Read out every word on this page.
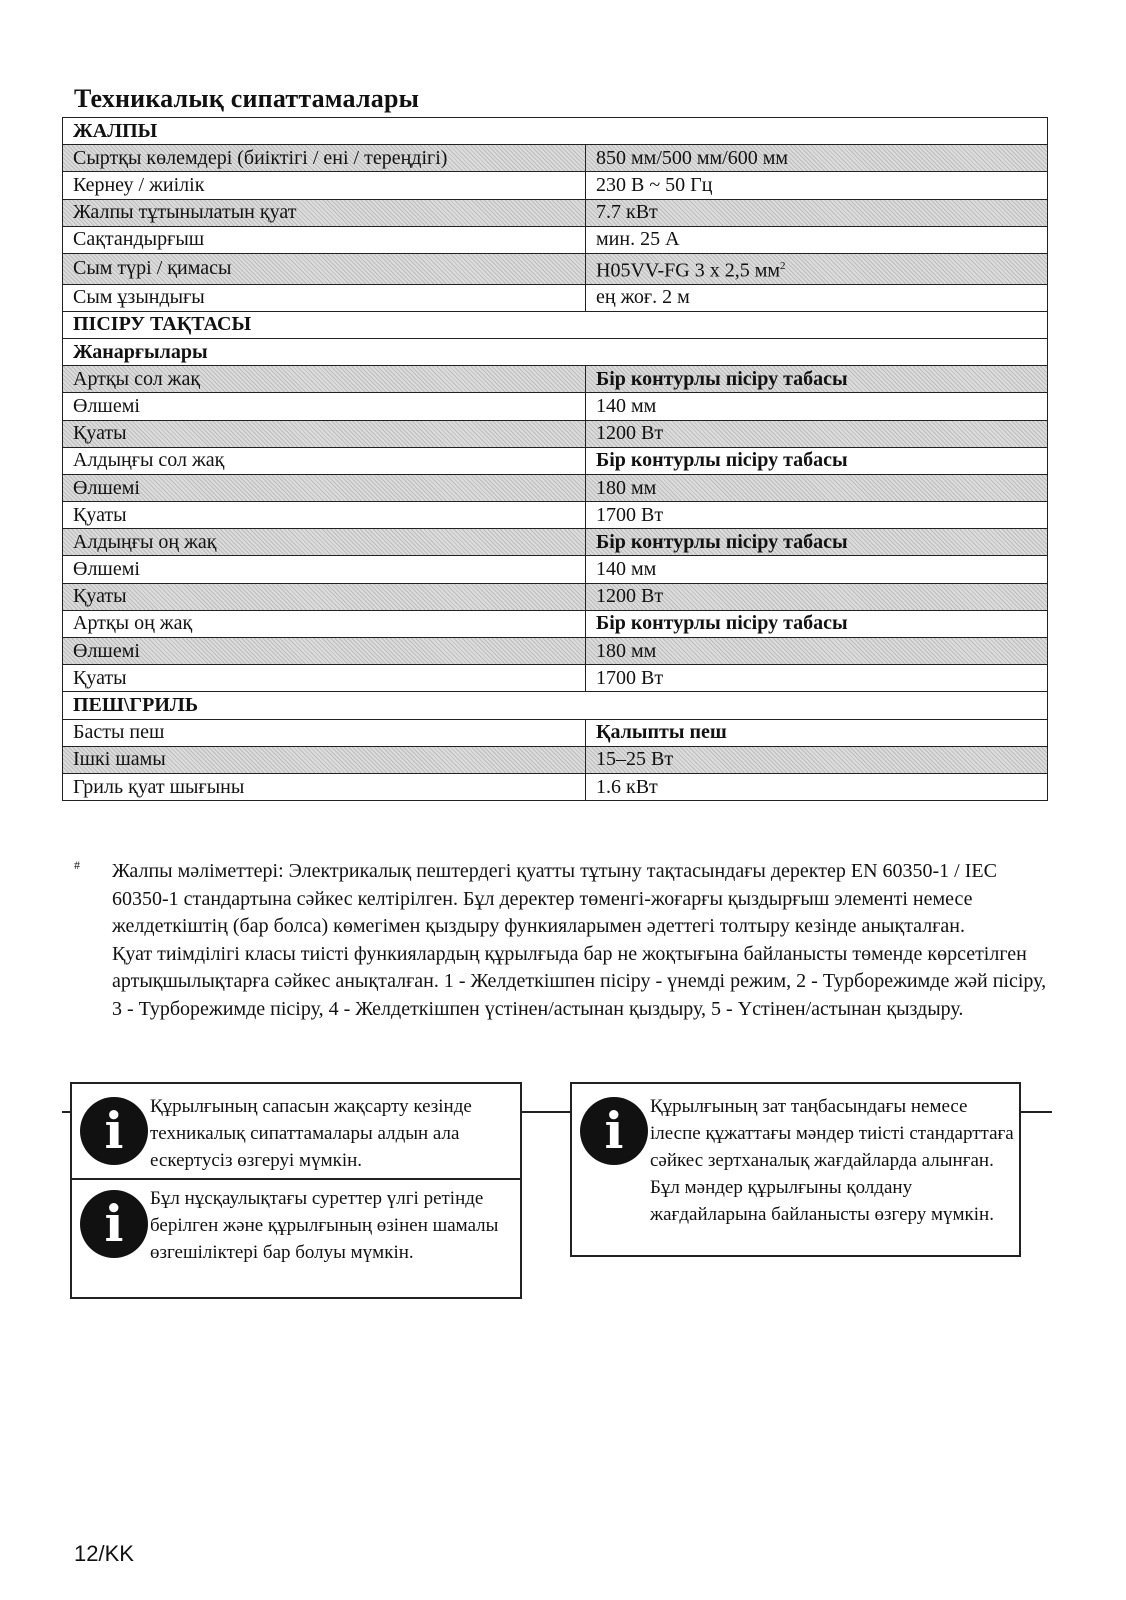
Техникалық сипаттамалары
ЖАЛПЫ	
Сыртқы көлемдері (биіктігі / ені / тереңдігі)	850 мм/500 мм/600 мм
Кернеу / жиілік	230 В ~ 50 Гц
Жалпы тұтынылатын қуат	7.7 кВт
Сақтандырғыш	мин. 25 А
Сым түрі / қимасы	H05VV-FG 3 x 2,5 $мм^2$
Сым ұзындығы	ең жоғ. 2 м
ПІСІРУ ТАҚТАСЫ	
Жанарғылары	
Артқы сол жақ	Бір контурлы пісіру табасы
Өлшемі	140 мм
Қуаты	1200 Вт
Алдыңғы сол жақ	Бір контурлы пісіру табасы
Өлшемі	180 мм
Қуаты	1700 Вт
Алдыңғы оң жақ	Бір контурлы пісіру табасы
Өлшемі	140 мм
Қуаты	1200 Вт
Артқы оң жақ	Бір контурлы пісіру табасы
Өлшемі	180 мм
Қуаты	1700 Вт
ПЕШ\ГРИЛЬ	
Басты пеш	Қалыпты пеш
Ішкі шамы	15–25 Вт
Гриль қуат шығыны	1.6 кВт
# Жалпы мәліметтері: Электрикалық пештердегі қуатты тұтыну тақтасындағы деректер EN 60350-1 / IEC 60350-1 стандартына сәйкес келтірілген. Бұл деректер төменгі-жоғарғы қыздырғыш элементі немесе желдеткіштің (бар болса) көмегімен қыздыру функияларымен әдеттегі толтыру кезінде анықталған.

Қуат тиімділігі класы тиісті функиялардың құрылғыда бар не жоқтығына байланысты төменде көрсетілген артықшылықтарға сәйкес анықталған. 1 - Желдеткішпен пісіру - үнемді режим, 2 - Турборежимде жәй пісіру, 3 - Турборежимде пісіру, 4 - Желдеткішпен үстінен/астынан қыздыру, 5 - Үстінен/астынан қыздыру.

i Құрылғының сапасын жақсарту кезінде техникалық сипаттамалары алдын ала ескертусіз өзгеруі мүмкін.

i Бұл нұсқаулықтағы суреттер үлгі ретінде берілген және құрылғының өзінен шамалы өзгешіліктері бар болуы мүмкін.

i Құрылғының зат таңбасындағы немесе ілеспе құжаттағы мәндер тиісті стандарттаға сәйкес зертханалық жағдайларда алынған. Бұл мәндер құрылғыны қолдану жағдайларына байланысты өзгеру мүмкін.

12/KK
